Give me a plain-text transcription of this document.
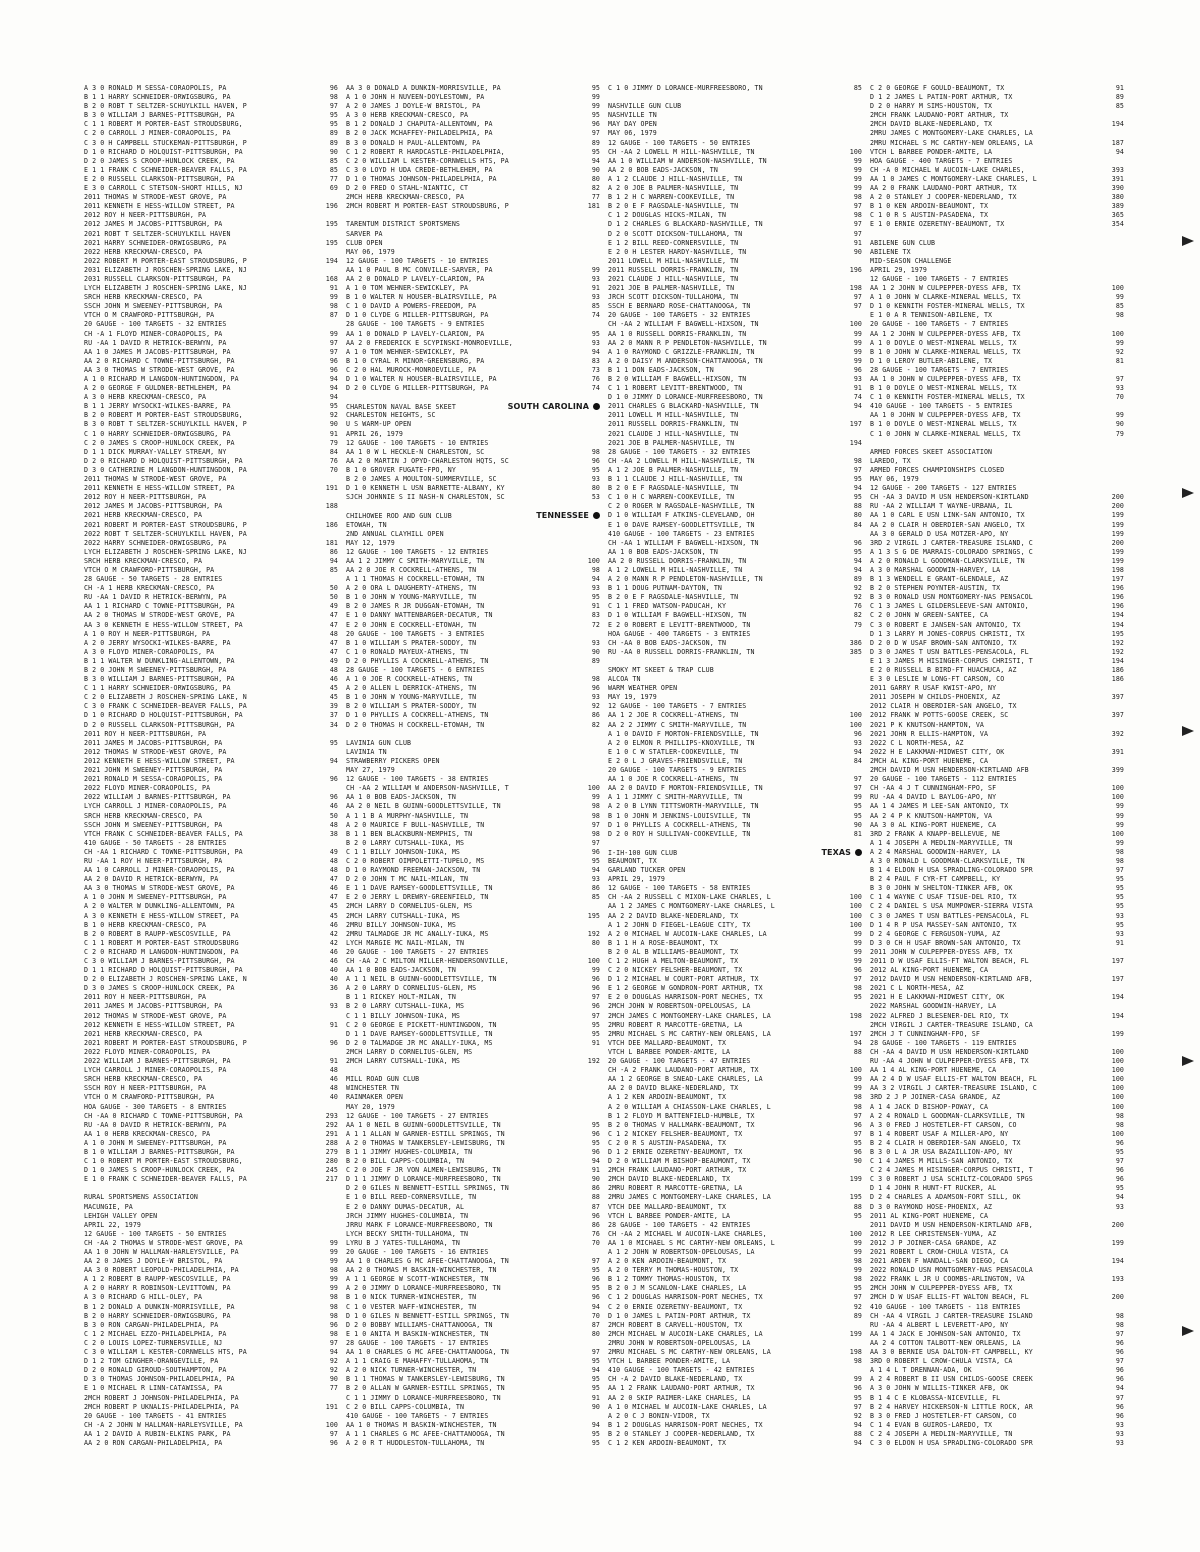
A 3 0 RONALD M SESSA-CORAOPOLIS, PA	96
B 1 1 HARRY SCHNEIDER-ORWIGSBURG, PA	98
B 2 0 ROBT T SELTZER-SCHUYLKILL HAVEN, P	97
B 3 0 WILLIAM J BARNES-PITTSBURGH, PA	95
C 1 1 ROBERT M PORTER-EAST STROUDSBURG,	95
C 2 0 CARROLL J MINER-CORAOPOLIS, PA	89
C 3 0 H CAMPBELL STUCKEMAN-PITTSBURGH, P	89
D 1 0 RICHARD D HOLQUIST-PITTSBURGH, PA	90
D 2 0 JAMES S CROOP-HUNLOCK CREEK, PA	85
E 1 1 FRANK C SCHNEIDER-BEAVER FALLS, PA	85
E 2 0 RUSSELL CLARKSON-PITTSBURGH, PA	77
E 3 0 CARROLL C STETSON-SHORT HILLS, NJ	69
2011 THOMAS W STRODE-WEST GROVE, PA
2011 KENNETH E HESS-WILLOW STREET, PA	196
2012 ROY H NEER-PITTSBURGH, PA
2012 JAMES M JACOBS-PITTSBURGH, PA	195
2021 ROBT T SELTZER-SCHUYLKILL HAVEN
2021 HARRY SCHNEIDER-ORWIGSBURG, PA	195
2022 HERB KRECKMAN-CRESCO, PA
2022 ROBERT M PORTER-EAST STROUDSBURG, P	194
2031 ELIZABETH J ROSCHEN-SPRING LAKE, NJ
2031 RUSSELL CLARKSON-PITTSBURGH, PA	168
LYCH ELIZABETH J ROSCHEN-SPRING LAKE, NJ	91
SRCH HERB KRECKMAN-CRESCO, PA	99
SSCH JOHN M SWEENEY-PITTSBURGH, PA	98
VTCH O M CRAWFORD-PITTSBURGH, PA	87
20 GAUGE - 100 TARGETS - 32 ENTRIES
CH -A 1 FLOYD MINER-CORAOPOLIS, PA	99
RU -AA 1 DAVID R HETRICK-BERWYN, PA	97
AA 1 0 JAMES M JACOBS-PITTSBURGH, PA	97
AA 2 0 RICHARD C TOWNE-PITTSBURGH, PA	96
AA 3 0 THOMAS W STRODE-WEST GROVE, PA	96
A 1 0 RICHARD M LANGDON-HUNTINGDON, PA	94
A 2 0 GEORGE F GULDNER-BETHLEHEM, PA	94
A 3 0 HERB KRECKMAN-CRESCO, PA	94
B 1 1 JERRY WYSOCKI-WILKES-BARRE, PA	95
B 2 0 ROBERT M PORTER-EAST STROUDSBURG,	92
B 3 0 ROBT T SELTZER-SCHUYLKILL HAVEN, P	90
C 1 0 HARRY SCHNEIDER-ORWIGSBURG, PA	91
C 2 0 JAMES S CROOP-HUNLOCK CREEK, PA	79
D 1 1 DICK MURRAY-VALLEY STREAM, NY	84
D 2 0 RICHARD D HOLQUIST-PITTSBURGH, PA	76
D 3 0 CATHERINE M LANGDON-HUNTINGDON, PA	70
2011 THOMAS W STRODE-WEST GROVE, PA
2011 KENNETH E HESS-WILLOW STREET, PA	191
2012 ROY H NEER-PITTSBURGH, PA
2012 JAMES M JACOBS-PITTSBURGH, PA	188
2021 HERB KRECKMAN-CRESCO, PA
2021 ROBERT M PORTER-EAST STROUDSBURG, P	186
2022 ROBT T SELTZER-SCHUYLKILL HAVEN, PA
2022 HARRY SCHNEIDER-ORWIGSBURG, PA	181
LYCH ELIZABETH J ROSCHEN-SPRING LAKE, NJ	86
SRCH HERB KRECKMAN-CRESCO, PA	94
VTCH O M CRAWFORD-PITTSBURGH, PA	85
28 GAUGE - 50 TARGETS - 28 ENTRIES
CH -A 1 HERB KRECKMAN-CRESCO, PA	50
RU -AA 1 DAVID R HETRICK-BERWYN, PA	50
AA 1 1 RICHARD C TOWNE-PITTSBURGH, PA	49
AA 2 0 THOMAS W STRODE-WEST GROVE, PA	47
AA 3 0 KENNETH E HESS-WILLOW STREET, PA	47
A 1 0 ROY H NEER-PITTSBURGH, PA	48
A 2 0 JERRY WYSOCKI-WILKES-BARRE, PA	47
A 3 0 FLOYD MINER-CORAOPOLIS, PA	47
B 1 1 WALTER W DUNKLING-ALLENTOWN, PA	49
B 2 0 JOHN M SWEENEY-PITTSBURGH, PA	48
B 3 0 WILLIAM J BARNES-PITTSBURGH, PA	46
C 1 1 HARRY SCHNEIDER-ORWIGSBURG, PA	45
C 2 0 ELIZABETH J ROSCHEN-SPRING LAKE, N	45
C 3 0 FRANK C SCHNEIDER-BEAVER FALLS, PA	39
D 1 0 RICHARD D HOLQUIST-PITTSBURGH, PA	37
D 2 0 RUSSELL CLARKSON-PITTSBURGH, PA	34
2011 ROY H NEER-PITTSBURGH, PA
2011 JAMES M JACOBS-PITTSBURGH, PA	95
2012 THOMAS W STRODE-WEST GROVE, PA
2012 KENNETH E HESS-WILLOW STREET, PA	94
2021 JOHN M SWEENEY-PITTSBURGH, PA
2021 RONALD M SESSA-CORAOPOLIS, PA	96
2022 FLOYD MINER-CORAOPOLIS, PA
2022 WILLIAM J BARNES-PITTSBURGH, PA	96
LYCH CARROLL J MINER-CORAOPOLIS, PA	46
SRCH HERB KRECKMAN-CRESCO, PA	50
SSCH JOHN M SWEENEY-PITTSBURGH, PA	48
VTCH FRANK C SCHNEIDER-BEAVER FALLS, PA	38
410 GAUGE - 50 TARGETS - 28 ENTRIES
CH -AA 1 RICHARD C TOWNE-PITTSBURGH, PA	49
RU -AA 1 ROY H NEER-PITTSBURGH, PA	48
AA 1 0 CARROLL J MINER-CORAOPOLIS, PA	48
AA 2 0 DAVID R HETRICK-BERWYN, PA	47
AA 3 0 THOMAS W STRODE-WEST GROVE, PA	46
A 1 0 JOHN M SWEENEY-PITTSBURGH, PA	47
A 2 0 WALTER W DUNKLING-ALLENTOWN, PA	45
A 3 0 KENNETH E HESS-WILLOW STREET, PA	45
B 1 0 HERB KRECKMAN-CRESCO, PA	46
B 2 0 ROBERT B RAUPP-WESCOSVILLE, PA	42
C 1 1 ROBERT M PORTER-EAST STROUDSBURG	42
C 2 0 RICHARD M LANGDON-HUNTINGDON, PA	46
C 3 0 WILLIAM J BARNES-PITTSBURGH, PA	46
D 1 1 RICHARD D HOLQUIST-PITTSBURGH, PA	40
D 2 0 ELIZABETH J ROSCHEN-SPRING LAKE, N	40
D 3 0 JAMES S CROOP-HUNLOCK CREEK, PA	36
2011 ROY H NEER-PITTSBURGH, PA
2011 JAMES M JACOBS-PITTSBURGH, PA	93
2012 THOMAS W STRODE-WEST GROVE, PA
2012 KENNETH E HESS-WILLOW STREET, PA	91
2021 HERB KRECKMAN-CRESCO, PA
2021 ROBERT M PORTER-EAST STROUDSBURG, P	96
2022 FLOYD MINER-CORAOPOLIS, PA
2022 WILLIAM J BARNES-PITTSBURGH, PA	91
LYCH CARROLL J MINER-CORAOPOLIS, PA	48
SRCH HERB KRECKMAN-CRESCO, PA	46
SSCH ROY H NEER-PITTSBURGH, PA	48
VTCH O M CRAWFORD-PITTSBURGH, PA	40
HOA GAUGE - 300 TARGETS - 8 ENTRIES
CH -AA 0 RICHARD C TOWNE-PITTSBURGH, PA	293
RU -AA 0 DAVID R HETRICK-BERWYN, PA	292
AA 1 0 HERB KRECKMAN-CRESCO, PA	291
A 1 0 JOHN M SWEENEY-PITTSBURGH, PA	288
B 1 0 WILLIAM J BARNES-PITTSBURGH, PA	279
C 1 0 ROBERT M PORTER-EAST STROUDSBURG,	280
D 1 0 JAMES S CROOP-HUNLOCK CREEK, PA	245
E 1 0 FRANK C SCHNEIDER-BEAVER FALLS, PA	217
RURAL SPORTSMENS ASSOCIATION
MACUNGIE, PA
LEHIGH VALLEY OPEN
APRIL 22, 1979
12 GAUGE - 100 TARGETS - 50 ENTRIES
CH -AA 2 THOMAS W STRODE-WEST GROVE, PA	99
AA 1 0 JOHN W HALLMAN-HARLEYSVILLE, PA	99
AA 2 0 JAMES J DOYLE-W BRISTOL, PA	99
AA 3 0 ROBERT LEOPOLD-PHILADELPHIA, PA	98
A 1 2 ROBERT B RAUPP-WESCOSVILLE, PA	99
A 2 0 HARRY R ROBINSON-LEVITTOWN, PA	99
A 3 0 RICHARD G HILL-OLEY, PA	98
B 1 2 DONALD A DUNKIN-MORRISVILLE, PA	98
B 2 0 HARRY SCHNEIDER-ORWIGSBURG, PA	98
B 3 0 RON CARGAN-PHILADELPHIA, PA	96
C 1 2 MICHAEL EZZO-PHILADELPHIA, PA	98
C 2 0 LOUIS LOPEZ-TURNERSVILLE, NJ	97
C 3 0 WILLIAM L KESTER-CORNWELLS HTS, PA	94
D 1 2 TOM GINGHER-ORANGEVILLE, PA	92
D 2 0 RONALD GIROUD-SOUTHAMPTON, PA	92
D 3 0 THOMAS JOHNSON-PHILADELPHIA, PA	90
E 1 0 MICHAEL R LINN-CATAWISSA, PA	77
2MCH ROBERT J JOHNSON-PHILADELPHIA, PA
2MCH ROBERT P UKNALIS-PHILADELPHIA, PA	191
20 GAUGE - 100 TARGETS - 41 ENTRIES
CH -A 2 JOHN W HALLMAN-HARLEYSVILLE, PA	100
AA 1 2 DAVID A RUBIN-ELKINS PARK, PA	97
AA 2 0 RON CARGAN-PHILADELPHIA, PA	96
AA 3 0 DONALD A DUNKIN-MORRISVILLE, PA	95
A 1 0 JOHN H NUVEEN-DOYLESTOWN, PA	99
A 2 0 JAMES J DOYLE-W BRISTOL, PA	99
A 3 0 HERB KRECKMAN-CRESCO, PA	95
B 1 2 DONALD J CHAPUTA-ALLENTOWN, PA	96
B 2 0 JACK MCHAFFEY-PHILADELPHIA, PA	97
B 3 0 DONALD H PAUL-ALLENTOWN, PA	89
C 1 2 ROBERT R HARDCASTLE-PHILADELPHIA,	95
C 2 0 WILLIAM L KESTER-CORNWELLS HTS, PA	94
C 3 0 LOYD H UDA CREDE-BETHLEHEM, PA	90
D 1 0 THOMAS JOHNSON-PHILADELPHIA, PA	80
D 2 0 FRED O STAHL-NIANTIC, CT	82
2MCH HERB KRECKMAN-CRESCO, PA	77
2MCH ROBERT M PORTER-EAST STROUDSBURG, P	181
TARENTUM DISTRICT SPORTSMENS
SARVER PA
CLUB OPEN
MAY 06, 1979
12 GAUGE - 100 TARGETS - 10 ENTRIES
AA 1 0 PAUL B MC CONVILLE-SARVER, PA	99
AA 2 0 DONALD P LAVELY-CLARION, PA	93
A 1 0 TOM WEHNER-SEWICKLEY, PA	91
B 1 0 WALTER N HOUSER-BLAIRSVILLE, PA	93
C 1 0 DAVID A POWERS-FREEDOM, PA	85
D 1 0 CLYDE G MILLER-PITTSBURGH, PA	74
28 GAUGE - 100 TARGETS - 9 ENTRIES
AA 1 0 DONALD P LAVELY-CLARION, PA	95
AA 2 0 FREDERICK E SCYPINSKI-MONROEVILLE,	93
A 1 0 TOM WEHNER-SEWICKLEY, PA	94
B 1 0 CYRAL R MINOR-GREENSBURG, PA	83
C 2 0 HAL MUROCK-MONROEVILLE, PA	73
D 1 0 WALTER N HOUSER-BLAIRSVILLE, PA	76
D 2 0 CLYDE G MILLER-PITTSBURGH, PA	74
CHARLESTON NAVAL BASE SKEET	SOUTH CAROLINA
CHARLESTON HEIGHTS, SC
U S WARM-UP OPEN
APRIL 26, 1979
12 GAUGE - 100 TARGETS - 10 ENTRIES
AA 1 0 W L HECKLE-N CHARLESTON, SC	98
AA 2 0 MARTIN J OPYD-CHARLESTON HQTS, SC	96
B 1 0 GROVER FUGATE-FPO, NY	95
B 2 0 JAMES A MOULTON-SUMMERVILLE, SC	93
D 1 0 KENNETH L USN BARNETTE-ALBANY, KY	80
SJCH JOHNNIE S II NASH-N CHARLESTON, SC	53
CHILHOWEE ROD AND GUN CLUB	TENNESSEE
ETOWAH, TN
2ND ANNUAL CLAYHILL OPEN
MAY 12, 1979
12 GAUGE - 100 TARGETS - 12 ENTRIES
AA 1 2 JIMMY C SMITH-MARYVILLE, TN	100
AA 2 0 JOE R COCKRELL-ATHENS, TN	98
A 1 1 THOMAS H COCKRELL-ETOWAH, TN	94
A 2 0 ORA L DAUGHERTY-ATHENS, TN	93
B 1 0 JOHN W YOUNG-MARYVILLE, TN	95
B 2 0 JAMES R JR DUGGAN-ETOWAH, TN	91
E 1 0 DANNY WATTENBARGER-DECATUR, TN	83
E 2 0 JOHN E COCKRELL-ETOWAH, TN	72
20 GAUGE - 100 TARGETS - 3 ENTRIES
B 1 0 WILLIAM S PRATER-SODDY, TN	93
C 1 0 RONALD MAYEUX-ATHENS, TN	90
D 2 0 PHYLLIS A COCKRELL-ATHENS, TN	89
28 GAUGE - 100 TARGETS - 6 ENTRIES
A 1 0 JOE R COCKRELL-ATHENS, TN	98
A 2 0 ALLEN L DERRICK-ATHENS, TN	96
B 1 0 JOHN W YOUNG-MARYVILLE, TN	93
B 2 0 WILLIAM S PRATER-SODDY, TN	92
D 1 0 PHYLLIS A COCKRELL-ATHENS, TN	86
D 2 0 THOMAS H COCKRELL-ETOWAH, TN	82
LAVINIA GUN CLUB
LAVINIA TN
STRAWBERRY PICKERS OPEN
MAY 27, 1979
12 GAUGE - 100 TARGETS - 38 ENTRIES
CH -AA 2 WILLIAM W ANDERSON-NASHVILLE, T	100
AA 1 0 BOB EADS-JACKSON, TN	99
AA 2 0 NEIL B GUINN-GOODLETTSVILLE, TN	98
A 1 1 B A MURPHY-NASHVILLE, TN	98
A 2 0 MAURICE F BULL-NASHVILLE, TN	97
B 1 1 BEN BLACKBURN-MEMPHIS, TN	98
B 2 0 LARRY CUTSHALL-IUKA, MS	97
C 1 1 BILLY JOHNSON-IUKA, MS	96
C 2 0 ROBERT OIMPOLETTI-TUPELO, MS	95
D 1 0 RAYMOND FREEMAN-JACKSON, TN	94
D 2 0 JOHN T MC NAIL-MILAN, TN	93
E 1 1 DAVE RAMSEY-GOODLETTSVILLE, TN	86
E 2 0 JERRY L DREWRY-GREENFIELD, TN	85
2MCH LARRY D CORNELIUS-GLEN, MS
2MCH LARRY CUTSHALL-IUKA, MS	195
2MRU BILLY JOHNSON-IUKA, MS
2MRU TALMADGE JR MC ANALLY-IUKA, MS	192
LYCH MARGIE MC NAIL-MILAN, TN	80
20 GAUGE - 100 TARGETS - 27 ENTRIES
CH -AA 2 C MILTON MILLER-HENDERSONVILLE,	100
AA 1 0 BOB EADS-JACKSON, TN	99
A 1 1 NEIL B GUINN-GOODLETTSVILLE, TN	96
A 2 0 LARRY D CORNELIUS-GLEN, MS	96
B 1 1 RICKEY HOLT-MILAN, TN	97
B 2 0 LARRY CUTSHALL-IUKA, MS	96
C 1 1 BILLY JOHNSON-IUKA, MS	97
C 2 0 GEORGE E PICKETT-HUNTINGDON, TN	95
D 1 1 DAVE RAMSEY-GOODLETTSVILLE, TN	95
D 2 0 TALMADGE JR MC ANALLY-IUKA, MS	91
2MCH LARRY D CORNELIUS-GLEN, MS
2MCH LARRY CUTSHALL-IUKA, MS	192
MILL ROAD GUN CLUB
WINCHESTER TN
RAINMAKER OPEN
MAY 20, 1979
12 GAUGE - 100 TARGETS - 27 ENTRIES
AA 1 0 NEIL B GUINN-GOODLETTSVILLE, TN	95
A 1 1 ALLAN W GARNER-ESTILL SPRINGS, TN	96
A 2 0 THOMAS W TANKERSLEY-LEWISBURG, TN	95
B 1 1 JIMMY HUGHES-COLUMBIA, TN	96
B 2 0 BILL CAPPS-COLUMBIA, TN	94
C 2 0 JOE F JR VON ALMEN-LEWISBURG, TN	91
D 1 1 JIMMY D LORANCE-MURFREESBORO, TN	90
D 2 0 GILES N BENNETT-ESTILL SPRINGS, TN	86
E 1 0 BILL REED-CORNERSVILLE, TN	88
E 2 0 DANNY DUMAS-DECATUR, AL	87
JRCH JIMMY HUGHES-COLUMBIA, TN	96
JRRU MARK F LORANCE-MURFREESBORO, TN	86
LYCH BECKY SMITH-TULLAHOMA, TN	76
LYRU B J YATES-TULLAHOMA, TN	70
20 GAUGE - 100 TARGETS - 16 ENTRIES
AA 1 0 CHARLES G MC AFEE-CHATTANOOGA, TN	97
AA 2 0 THOMAS M BASKIN-WINCHESTER, TN	95
A 1 1 GEORGE W SCOTT-WINCHESTER, TN	96
A 2 0 JIMMY D LORANCE-MURFREESBORO, TN	95
B 1 0 NICK TURNER-WINCHESTER, TN	96
C 1 0 VESTER WAFF-WINCHESTER, TN	94
D 1 0 GILES N BENNETT-ESTILL SPRINGS, TN	70
D 2 0 BOBBY WILLIAMS-CHATTANOOGA, TN	87
E 1 0 ANITA M BASKIN-WINCHESTER, TN	80
28 GAUGE - 100 TARGETS - 17 ENTRIES
AA 1 0 CHARLES G MC AFEE-CHATTANOOGA, TN	97
A 1 1 CRAIG E MAHAFFY-TULLAHOMA, TN	95
A 2 0 NICK TURNER-WINCHESTER, TN	94
B 1 1 THOMAS W TANKERSLEY-LEWISBURG, TN	95
B 2 0 ALLAN W GARNER-ESTILL SPRINGS, TN	95
C 1 1 JIMMY D LORANCE-MURFREESBORO, TN	91
C 2 0 BILL CAPPS-COLUMBIA, TN	90
410 GAUGE - 100 TARGETS - 7 ENTRIES
AA 1 0 THOMAS M BASKIN-WINCHESTER, TN	94
A 1 1 CHARLES G MC AFEE-CHATTANOOGA, TN	95
A 2 0 R T HUDDLESTON-TULLAHOMA, TN	95
C 1 0 JIMMY D LORANCE-MURFREESBORO, TN	85
NASHVILLE GUN CLUB
NASHVILLE TN
MAY DAY OPEN
MAY 06, 1979
12 GAUGE - 100 TARGETS - 50 ENTRIES
CH -AA 2 LOWELL M HILL-NASHVILLE, TN	100
AA 1 0 WILLIAM W ANDERSON-NASHVILLE, TN	99
AA 2 0 BOB EADS-JACKSON, TN	99
A 1 2 CLAUDE J HILL-NASHVILLE, TN	99
A 2 0 JOE B PALMER-NASHVILLE, TN	99
B 1 2 H C WARREN-COOKEVILLE, TN	98
B 2 0 E F RAGSDALE-NASHVILLE, TN	97
C 1 2 DOUGLAS HICKS-MILAN, TN	98
D 1 2 CHARLES G BLACKARD-NASHVILLE, TN	97
D 2 0 SCOTT DICKSON-TULLAHOMA, TN	97
E 1 2 BILL REED-CORNERSVILLE, TN	91
E 2 0 H LESTER HARDY-NASHVILLE, TN	90
2011 LOWELL M HILL-NASHVILLE, TN
2011 RUSSELL DORRIS-FRANKLIN, TN	196
2021 CLAUDE J HILL-NASHVILLE, TN
2021 JOE B PALMER-NASHVILLE, TN	198
JRCH SCOTT DICKSON-TULLAHOMA, TN	97
SSCH E BERNARD ROSE-CHATTANOOGA, TN	97
20 GAUGE - 100 TARGETS - 32 ENTRIES
CH -AA 2 WILLIAM F BAGWELL-HIXSON, TN	100
AA 1 0 RUSSELL DORRIS-FRANKLIN, TN	99
AA 2 0 MANN R P PENDLETON-NASHVILLE, TN	99
A 1 0 RAYMOND C GRIZZLE-FRANKLIN, TN	99
A 2 0 DAISY M ANDERSON-CHATTANOOGA, TN	99
B 1 1 DON EADS-JACKSON, TN	96
B 2 0 WILLIAM F BAGWELL-HIXSON, TN	93
C 1 1 ROBERT LEVITT-BRENTWOOD, TN	91
D 1 0 JIMMY D LORANCE-MURFREESBORO, TN	74
2011 CHARLES G BLACKARD-NASHVILLE, TN	94
2011 LOWELL M HILL-NASHVILLE, TN
2011 RUSSELL DORRIS-FRANKLIN, TN	197
2021 CLAUDE J HILL-NASHVILLE, TN
2021 JOE B PALMER-NASHVILLE, TN	194
28 GAUGE - 100 TARGETS - 32 ENTRIES
CH -AA 2 LOWELL M HILL-NASHVILLE, TN	98
A 1 2 JOE B PALMER-NASHVILLE, TN	97
B 1 1 CLAUDE J HILL-NASHVILLE, TN	95
B 2 0 E F RAGSDALE-NASHVILLE, TN	94
C 1 0 H C WARREN-COOKEVILLE, TN	95
C 2 0 ROGER W RAGSDALE-NASHVILLE, TN	88
D 1 0 WILLIAM F ATKINS-CLEVELAND, OH	80
E 1 0 DAVE RAMSEY-GOODLETTSVILLE, TN	84
410 GAUGE - 100 TARGETS - 23 ENTRIES
CH -AA 1 WILLIAM F BAGWELL-HIXSON, TN	96
AA 1 0 BOB EADS-JACKSON, TN	95
AA 2 0 RUSSELL DORRIS-FRANKLIN, TN	94
A 1 2 LOWELL M HILL-NASHVILLE, TN	94
A 2 0 MANN R P PENDLETON-NASHVILLE, TN	89
B 1 1 DOUG PUTNAM-DAYTON, TN	92
B 2 0 E F RAGSDALE-NASHVILLE, TN	92
C 1 1 FRED WATSON-PADUCAH, KY	76
D 1 0 WILLIAM F BAGWELL-HIXSON, TN	82
E 2 0 ROBERT E LEVITT-BRENTWOOD, TN	79
HOA GAUGE - 400 TARGETS - 3 ENTRIES
CH -AA 0 BOB EADS-JACKSON, TN	386
RU -AA 0 RUSSELL DORRIS-FRANKLIN, TN	385
SMOKY MT SKEET & TRAP CLUB
ALCOA TN
WARM WEATHER OPEN
MAY 19, 1979
12 GAUGE - 100 TARGETS - 7 ENTRIES
AA 1 2 JOE R COCKRELL-ATHENS, TN	100
AA 2 2 JIMMY C SMITH-MARYVILLE, TN	100
A 1 0 DAVID F MORTON-FRIENDSVILLE, TN	96
A 2 0 ELMON R PHILLIPS-KNOXVILLE, TN	93
E 1 0 C W STATLER-COOKEVILLE, TN	94
E 2 0 L J GRAVES-FRIENDSVILLE, TN	84
20 GAUGE - 100 TARGETS - 9 ENTRIES
AA 1 0 JOE R COCKRELL-ATHENS, TN	97
AA 2 0 DAVID F MORTON-FRIENDSVILLE, TN	97
A 1 1 JIMMY C SMITH-MARYVILLE, TN	99
A 2 0 B LYNN TITTSWORTH-MARYVILLE, TN	95
B 1 0 JOHN M JENKINS-LOUISVILLE, TN	95
D 1 0 PHYLLIS A COCKRELL-ATHENS, TN	90
D 2 0 ROY H SULLIVAN-COOKEVILLE, TN	81
I-IH-100 GUN CLUB	TEXAS
BEAUMONT, TX
GARLAND TUCKER OPEN
APRIL 29, 1979
12 GAUGE - 100 TARGETS - 58 ENTRIES
CH -AA 2 RUSSELL C MIXON-LAKE CHARLES, L	100
AA 1 2 JAMES C MONTGOMERY-LAKE CHARLES, L	100
AA 2 2 DAVID BLAKE-NEDERLAND, TX	100
A 1 2 JOHN D FIEGEL-LEAGUE CITY, TX	100
A 2 0 MICHAEL W AUCOIN-LAKE CHARLES, LA	99
B 1 1 H A ROSE-BEAUMONT, TX	99
B 2 0 AL B WILLIAMS-BEAUMONT, TX	99
C 1 2 HUGH A MELTON-BEAUMONT, TX	99
C 2 0 NICKEY FELSHER-BEAUMONT, TX	96
D 1 2 MICHAEL W COURT-PORT ARTHUR, TX	97
E 1 2 GEORGE W GONDRON-PORT ARTHUR, TX	98
E 2 0 DOUGLAS HARRISON-PORT NECHES, TX	95
2MCH JOHN W ROBERTSON-OPELOUSAS, LA
2MCH JAMES C MONTGOMERY-LAKE CHARLES, LA	198
2MRU ROBERT R MARCOTTE-GRETNA, LA
2MRU MICHAEL S MC CARTHY-NEW ORLEANS, LA	197
VTCH DEE MALLARD-BEAUMONT, TX	94
VTCH L BARBEE PONDER-AMITE, LA	88
20 GAUGE - 100 TARGETS - 47 ENTRIES
CH -A 2 FRANK LAUDANO-PORT ARTHUR, TX	100
AA 1 2 GEORGE B SNEAD-LAKE CHARLES, LA	99
AA 2 0 DAVID BLAKE-NEDERLAND, TX	99
A 1 2 KEN ARDOIN-BEAUMONT, TX	98
A 2 0 WILLIAM A CHIASSON-LAKE CHARLES, L	98
B 1 2 FLOYD M BATTENFIELD-HUMBLE, TX	97
B 2 0 THOMAS V HALLMARK-BEAUMONT, TX	96
C 1 2 NICKEY FELSHER-BEAUMONT, TX	97
C 2 0 R S AUSTIN-PASADENA, TX	95
D 1 2 ERNIE OZERETNY-BEAUMONT, TX	96
D 2 0 WILLIAM M BISHOP-BEAUMONT, TX	90
2MCH FRANK LAUDANO-PORT ARTHUR, TX
2MCH DAVID BLAKE-NEDERLAND, TX	199
2MRU ROBERT R MARCOTTE-GRETNA, LA
2MRU JAMES C MONTGOMERY-LAKE CHARLES, LA	195
VTCH DEE MALLARD-BEAUMONT, TX	88
VTCH L BARBEE PONDER-AMITE, LA	95
28 GAUGE - 100 TARGETS - 42 ENTRIES
CH -AA 2 MICHAEL W AUCOIN-LAKE CHARLES,	100
AA 1 0 MICHAEL S MC CARTHY-NEW ORLEANS, L	99
A 1 2 JOHN W ROBERTSON-OPELOUSAS, LA	99
A 2 0 KEN ARDOIN-BEAUMONT, TX	98
A 2 0 TERRY M THOMAS-HOUSTON, TX	99
B 1 2 TOMMY THOMAS-HOUSTON, TX	98
B 2 0 J M SCANLON-LAKE CHARLES, LA	95
C 1 2 DOUGLAS HARRISON-PORT NECHES, TX	97
C 2 0 ERNIE OZERETNY-BEAUMONT, TX	92
D 1 0 JAMES L PATIN-PORT ARTHUR, TX	89
2MCH ROBERT B CARVELL-HOUSTON, TX
2MCH MICHAEL W AUCOIN-LAKE CHARLES, LA	199
2MRU JOHN W ROBERTSON-OPELOUSAS, LA
2MRU MICHAEL S MC CARTHY-NEW ORLEANS, LA	198
VTCH L BARBEE PONDER-AMITE, LA	98
410 GAUGE - 100 TARGETS - 42 ENTRIES
CH -A 2 DAVID BLAKE-NEDERLAND, TX	99
AA 1 2 FRANK LAUDANO-PORT ARTHUR, TX	96
AA 2 0 SKIP RAIMER-LAKE CHARLES, LA	95
A 1 0 MICHAEL W AUCOIN-LAKE CHARLES, LA	97
A 2 0 C J BONIN-VIDOR, TX	92
B 1 2 DOUGLAS HARRISON-PORT NECHES, TX	94
B 2 0 STANLEY J COOPER-NEDERLAND, TX	88
C 1 2 KEN ARDOIN-BEAUMONT, TX	94
C 2 0 GEORGE F GOULD-BEAUMONT, TX	91
D 1 2 JAMES L PATIN-PORT ARTHUR, TX	89
D 2 0 HARRY M SIMS-HOUSTON, TX	85
2MCH FRANK LAUDANO-PORT ARTHUR, TX
2MCH DAVID BLAKE-NEDERLAND, TX	194
2MRU JAMES C MONTGOMERY-LAKE CHARLES, LA
2MRU MICHAEL S MC CARTHY-NEW ORLEANS, LA	187
VTCH L BARBEE PONDER-AMITE, LA	94
HOA GAUGE - 400 TARGETS - 7 ENTRIES
CH -A 0 MICHAEL W AUCOIN-LAKE CHARLES,	393
AA 1 0 JAMES C MONTGOMERY-LAKE CHARLES, L	391
AA 2 0 FRANK LAUDANO-PORT ARTHUR, TX	390
A 2 0 STANLEY J COOPER-NEDERLAND, TX	380
B 1 0 KEN ARDOIN-BEAUMONT, TX	389
C 1 0 R S AUSTIN-PASADENA, TX	365
E 1 0 ERNIE OZERETNY-BEAUMONT, TX	354
ABILENE GUN CLUB
ABILENE TX
MID-SEASON CHALLENGE
APRIL 29, 1979
12 GAUGE - 100 TARGETS - 7 ENTRIES
AA 1 2 JOHN W CULPEPPER-DYESS AFB, TX	100
A 1 0 JOHN W CLARKE-MINERAL WELLS, TX	99
D 1 0 KENNITH FOSTER-MINERAL WELLS, TX	85
E 1 0 A R TENNISON-ABILENE, TX	98
20 GAUGE - 100 TARGETS - 7 ENTRIES
AA 1 2 JOHN W CULPEPPER-DYESS AFB, TX	100
A 1 0 DOYLE O WEST-MINERAL WELLS, TX	99
B 1 0 JOHN W CLARKE-MINERAL WELLS, TX	92
D 1 0 LEROY BUTLER-ABILENE, TX	81
28 GAUGE - 100 TARGETS - 7 ENTRIES
AA 1 0 JOHN W CULPEPPER-DYESS AFB, TX	97
B 1 0 DOYLE O WEST-MINERAL WELLS, TX	93
C 1 0 KENNITH FOSTER-MINERAL WELLS, TX	70
410 GAUGE - 100 TARGETS - 5 ENTRIES
AA 1 0 JOHN W CULPEPPER-DYESS AFB, TX	99
B 1 0 DOYLE O WEST-MINERAL WELLS, TX	90
C 1 0 JOHN W CLARKE-MINERAL WELLS, TX	79
ARMED FORCES SKEET ASSOCIATION
LAREDO, TX
ARMED FORCES CHAMPIONSHIPS CLOSED
MAY 06, 1979
12 GAUGE - 200 TARGETS - 127 ENTRIES
CH -AA 3 DAVID M USN HENDERSON-KIRTLAND	200
RU -AA 2 WILLIAM T WAYNE-URBANA, IL	200
AA 1 0 CARL E USN LINK-SAN ANTONIO, TX	199
AA 2 0 CLAIR H OBERDIER-SAN ANGELO, TX	199
AA 3 0 GERALD D USA MOTZER-APO, NY	199
3RD 2 VIRGIL J CARTER-TREASURE ISLAND, C	200
A 1 3 S G DE MARRAIS-COLORADO SPRINGS, C	199
A 2 0 RONALD L GOODMAN-CLARKSVILLE, TN	199
A 3 0 MARSHAL GOODWIN-HARVEY, LA	198
B 1 3 WENDELL E GRANT-GLENDALE, AZ	197
B 2 0 STEPHEN POYNTER-AUSTIN, TX	196
B 3 0 RONALD USN MONTGOMERY-NAS PENSACOL	196
C 1 3 JAMES L GILDERSLEEVE-SAN ANTONIO,	196
C 2 0 JOHN W GREEN-SANTEE, CA	194
C 3 0 ROBERT E JANSEN-SAN ANTONIO, TX	194
D 1 3 LARRY M JONES-CORPUS CHRISTI, TX	195
D 2 0 D W USAF BROWN-SAN ANTONIO, TX	192
D 3 0 JAMES T USN BATTLES-PENSACOLA, FL	192
E 1 3 JAMES M HISINGER-CORPUS CHRISTI, T	194
E 2 0 RUSSELL B BIRD-FT HUACHUCA, AZ	186
E 3 0 LESLIE W LONG-FT CARSON, CO	186
2011 GARRY R USAF KWIST-APO, NY
2011 JOSEPH W CHILDS-PHOENIX, AZ	397
2012 CLAIR H OBERDIER-SAN ANGELO, TX
2012 FRANK W POTTS-GOOSE CREEK, SC	397
2021 P K KNUTSON-HAMPTON, VA
2021 JOHN R ELLIS-HAMPTON, VA	392
2022 C L NORTH-MESA, AZ
2022 H E LAKKMAN-MIDWEST CITY, OK	391
2MCH AL KING-PORT HUENEME, CA
2MCH DAVID M USN HENDERSON-KIRTLAND AFB	399
20 GAUGE - 100 TARGETS - 112 ENTRIES
CH -AA 4 J T CUNNINGHAM-FPO, SF	100
RU -AA 4 DAVID L BAYLOG-APO, NY	100
AA 1 4 JAMES M LEE-SAN ANTONIO, TX	99
AA 2 4 P K KNUTSON-HAMPTON, VA	99
AA 3 0 AL KING-PORT HUENEME, CA	99
3RD 2 FRANK A KNAPP-BELLEVUE, NE	100
A 1 4 JOSEPH A MEDLIN-MARYVILLE, TN	99
A 2 4 MARSHAL GOODWIN-HARVEY, LA	98
A 3 0 RONALD L GOODMAN-CLARKSVILLE, TN	98
B 1 4 ELDON H USA SPRADLING-COLORADO SPR	97
B 2 4 PAUL F CYR-FT CAMPBELL, KY	95
B 3 0 JOHN W SHELTON-TINKER AFB, OK	95
C 1 4 WAYNE C USAF TISUE-DEL RIO, TX	95
C 2 4 DANIEL S USA MUMPOWER-SIERRA VISTA	95
C 3 0 JAMES T USN BATTLES-PENSACOLA, FL	93
D 1 4 R P USA MASSEY-SAN ANTONIO, TX	95
D 2 4 GEORGE C FERGUSON-YUMA, AZ	93
D 3 0 CH H USAF BROWN-SAN ANTONIO, TX	91
2011 JOHN W CULPEPPER-DYESS AFB, TX
2011 D W USAF ELLIS-FT WALTON BEACH, FL	197
2012 AL KING-PORT HUENEME, CA
2012 DAVID M USN HENDERSON-KIRTLAND AFB,	197
2021 C L NORTH-MESA, AZ
2021 H E LAKKMAN-MIDWEST CITY, OK	194
2022 MARSHAL GOODWIN-HARVEY, LA
2022 ALFRED J BLESENER-DEL RIO, TX	194
2MCH VIRGIL J CARTER-TREASURE ISLAND, CA
2MCH J T CUNNINGHAM-FPO, SF	199
28 GAUGE - 100 TARGETS - 119 ENTRIES
CH -AA 4 DAVID M USN HENDERSON-KIRTLAND	100
RU -AA 4 JOHN W CULPEPPER-DYESS AFB, TX	100
AA 1 4 AL KING-PORT HUENEME, CA	100
AA 2 4 D W USAF ELLIS-FT WALTON BEACH, FL	100
AA 3 2 VIRGIL J CARTER-TREASURE ISLAND, C	100
3RD 2 J P JOINER-CASA GRANDE, AZ	100
A 1 4 JACK D BISHOP-POWAY, CA	100
A 2 4 RONALD L GOODMAN-CLARKSVILLE, TN	98
A 3 0 FRED J HOSTETLER-FT CARSON, CO	98
B 1 4 ROBERT USAF A MILLER-APO, NY	100
B 2 4 CLAIR H OBERDIER-SAN ANGELO, TX	96
B 3 0 L A JR USA BAZAILLION-APO, NY	95
C 1 4 JAMES M MILLS-SAN ANTONIO, TX	97
C 2 4 JAMES M HISINGER-CORPUS CHRISTI, T	96
C 3 0 ROBERT J USA SCHILTZ-COLORADO SPGS	96
D 1 4 JOHN R HUNT-FT RUCKER, AL	95
D 2 4 CHARLES A ADAMSON-FORT SILL, OK	94
D 3 0 RAYMOND HOSE-PHOENIX, AZ	93
2011 AL KING-PORT HUENEME, CA
2011 DAVID M USN HENDERSON-KIRTLAND AFB,	200
2012 R LEE CHRISTENSEN-YUMA, AZ
2012 J P JOINER-CASA GRANDE, AZ	199
2021 ROBERT L CROW-CHULA VISTA, CA
2021 ARDEN F WANDALL-SAN DIEGO, CA	194
2022 RONALD USN MONTGOMERY-NAS PENSACOLA
2022 FRANK L JR U COOMBS-ARLINGTON, VA	193
2MCH JOHN W CULPEPPER-DYESS AFB, TX
2MCH D W USAF ELLIS-FT WALTON BEACH, FL	200
410 GAUGE - 100 TARGETS - 118 ENTRIES
CH -AA 4 VIRGIL J CARTER-TREASURE ISLAND	98
RU -AA 4 ALBERT L LEVERETT-APO, NY	98
AA 1 4 JACK E JOHNSON-SAN ANTONIO, TX	97
AA 2 4 COTTON TALBOTT-NEW ORLEANS, LA	96
AA 3 0 BERNIE USA DALTON-FT CAMPBELL, KY	96
3RD 0 ROBERT L CROW-CHULA VISTA, CA	97
A 1 4 L T DRENNAN-ADA, OK	96
A 2 4 ROBERT B II USN CHILDS-GOOSE CREEK	96
A 3 0 JOHN W WILLIS-TINKER AFB, OK	94
B 1 4 C E KLOBASSA-NICEVILLE, FL	97
B 2 4 HARVEY HICKERSON-N LITTLE ROCK, AR	96
B 3 0 FRED J HOSTETLER-FT CARSON, CO	96
C 1 4 EVAN B GUIROS-LAREDO, TX	93
C 2 4 JOSEPH A MEDLIN-MARYVILLE, TN	93
C 3 0 ELDON H USA SPRADLING-COLORADO SPR	93
